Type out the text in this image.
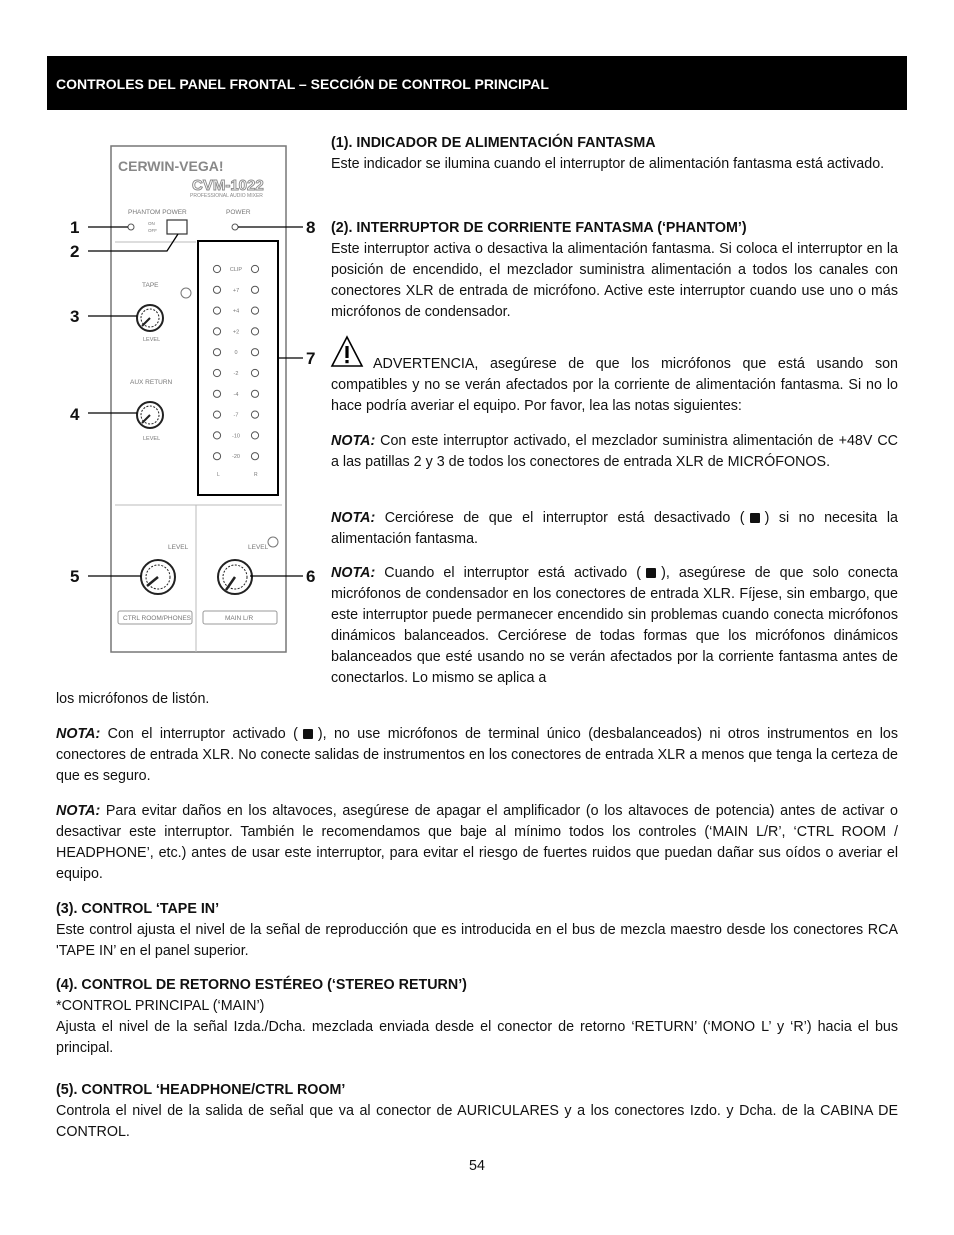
CONTROLES DEL PANEL FRONTAL – SECCIÓN DE CONTROL PRINCIPAL
CERWIN-VEGA!
CVM-1022
PROFESSIONAL AUDIO MIXER
PHANTOM POWER
ON
OFF
POWER
TAPE
LEVEL
AUX RETURN
LEVEL
CLIP
+7
+4
+2
0
-2
-4
-7
-10
-20
L	R
LEVEL
CTRL ROOM/PHONES
LEVEL
MAIN L/R
1
2
3
4
5	6
7
8
(1). INDICADOR DE ALIMENTACIÓN FANTASMA

Este indicador se ilumina cuando el interruptor de alimentación fantasma está activado.

(2). INTERRUPTOR DE CORRIENTE FANTASMA (‘PHANTOM’)

Este interruptor activa o desactiva la alimentación fantasma. Si coloca el interruptor en la posición de encendido, el mezclador suministra alimentación a todos los canales con conectores XLR de entrada de micrófono. Active este interruptor cuando use uno o más micrófonos de condensador.

ADVERTENCIA, asegúrese de que los micrófonos que está usando son compatibles y no se verán afectados por la corriente de alimentación fantasma. Si no lo hace podría averiar el equipo. Por favor, lea las notas siguientes:

NOTA: Con este interruptor activado, el mezclador suministra alimentación de +48V CC a las patillas 2 y 3 de todos los conectores de entrada XLR de MICRÓFONOS.

NOTA: Cerciórese de que el interruptor está desactivado ( ) si no necesita la alimentación fantasma.

NOTA: Cuando el interruptor está activado ( ), asegúrese de que solo conecta micrófonos de condensador en los conectores de entrada XLR. Fíjese, sin embargo, que este interruptor puede permanecer encendido sin problemas cuando conecta micrófonos dinámicos balanceados. Cerciórese de todas formas que los micrófonos dinámicos balanceados que esté usando no se verán afectados por la corriente fantasma antes de conectarlos. Lo mismo se aplica a

los micrófonos de listón.

NOTA: Con el interruptor activado ( ), no use micrófonos de terminal único (desbalanceados) ni otros instrumentos en los conectores de entrada XLR. No conecte salidas de instrumentos en los conectores de entrada XLR a menos que tenga la certeza de que es seguro.

NOTA: Para evitar daños en los altavoces, asegúrese de apagar el amplificador (o los altavoces de potencia) antes de activar o desactivar este interruptor. También le recomendamos que baje al mínimo todos los controles (‘MAIN L/R’, ‘CTRL ROOM / HEADPHONE’, etc.) antes de usar este interruptor, para evitar el riesgo de fuertes ruidos que puedan dañar sus oídos o averiar el equipo.

(3). CONTROL ‘TAPE IN’

Este control ajusta el nivel de la señal de reproducción que es introducida en el bus de mezcla maestro desde los conectores RCA 'TAPE IN’ en el panel superior.

(4). CONTROL DE RETORNO ESTÉREO (‘STEREO RETURN’)
*CONTROL PRINCIPAL (‘MAIN’)

Ajusta el nivel de la señal Izda./Dcha. mezclada enviada desde el conector de retorno ‘RETURN’ (‘MONO L’ y ‘R’) hacia el bus principal.

(5). CONTROL ‘HEADPHONE/CTRL ROOM’

Controla el nivel de la salida de señal que va al conector de AURICULARES y a los conectores Izdo. y Dcha. de la CABINA DE CONTROL.

54
